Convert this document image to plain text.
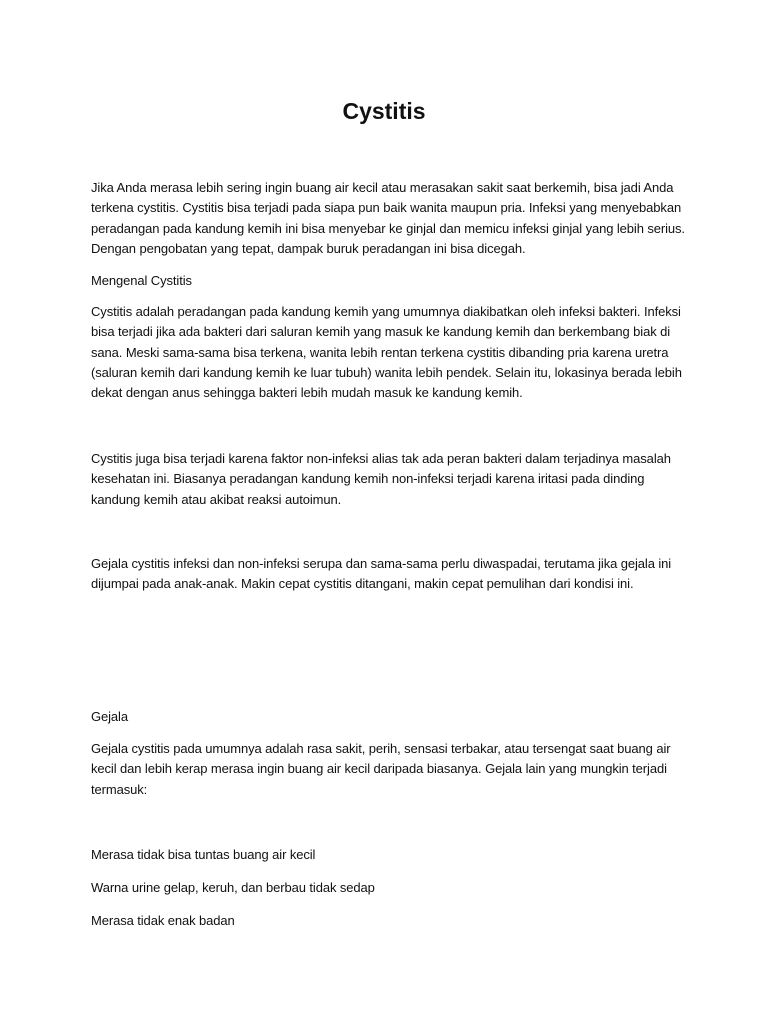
Cystitis

Jika Anda merasa lebih sering ingin buang air kecil atau merasakan sakit saat berkemih, bisa jadi Anda terkena cystitis. Cystitis bisa terjadi pada siapa pun baik wanita maupun pria. Infeksi yang menyebabkan peradangan pada kandung kemih ini bisa menyebar ke ginjal dan memicu infeksi ginjal yang lebih serius. Dengan pengobatan yang tepat, dampak buruk peradangan ini bisa dicegah.

Mengenal Cystitis

Cystitis adalah peradangan pada kandung kemih yang umumnya diakibatkan oleh infeksi bakteri. Infeksi bisa terjadi jika ada bakteri dari saluran kemih yang masuk ke kandung kemih dan berkembang biak di sana. Meski sama-sama bisa terkena, wanita lebih rentan terkena cystitis dibanding pria karena uretra (saluran kemih dari kandung kemih ke luar tubuh) wanita lebih pendek. Selain itu, lokasinya berada lebih dekat dengan anus sehingga bakteri lebih mudah masuk ke kandung kemih.

Cystitis juga bisa terjadi karena faktor non-infeksi alias tak ada peran bakteri dalam terjadinya masalah kesehatan ini. Biasanya peradangan kandung kemih non-infeksi terjadi karena iritasi pada dinding kandung kemih atau akibat reaksi autoimun.

Gejala cystitis infeksi dan non-infeksi serupa dan sama-sama perlu diwaspadai, terutama jika gejala ini dijumpai pada anak-anak. Makin cepat cystitis ditangani, makin cepat pemulihan dari kondisi ini.

Gejala

Gejala cystitis pada umumnya adalah rasa sakit, perih, sensasi terbakar, atau tersengat saat buang air kecil dan lebih kerap merasa ingin buang air kecil daripada biasanya. Gejala lain yang mungkin terjadi termasuk:

Merasa tidak bisa tuntas buang air kecil

Warna urine gelap, keruh, dan berbau tidak sedap

Merasa tidak enak badan
